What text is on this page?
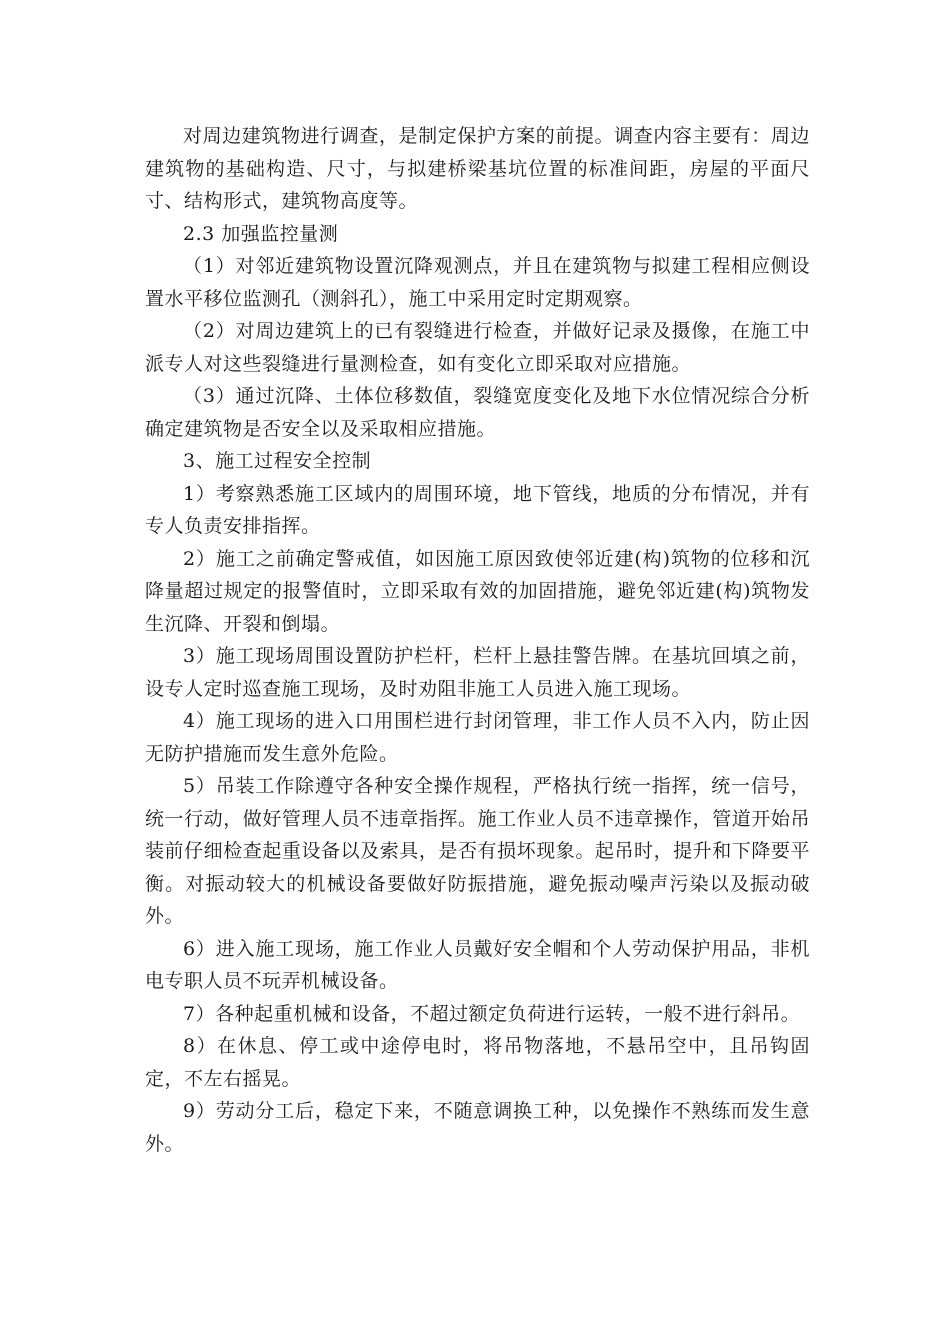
对周边建筑物进行调查，是制定保护方案的前提。调查内容主要有：周边建筑物的基础构造、尺寸，与拟建桥梁基坑位置的标准间距，房屋的平面尺寸、结构形式，建筑物高度等。

2.3 加强监控量测

（1）对邻近建筑物设置沉降观测点，并且在建筑物与拟建工程相应侧设置水平移位监测孔（测斜孔），施工中采用定时定期观察。

（2）对周边建筑上的已有裂缝进行检查，并做好记录及摄像，在施工中派专人对这些裂缝进行量测检查，如有变化立即采取对应措施。

（3）通过沉降、土体位移数值，裂缝宽度变化及地下水位情况综合分析确定建筑物是否安全以及采取相应措施。

3、施工过程安全控制

1）考察熟悉施工区域内的周围环境，地下管线，地质的分布情况，并有专人负责安排指挥。

2）施工之前确定警戒值，如因施工原因致使邻近建(构)筑物的位移和沉降量超过规定的报警值时，立即采取有效的加固措施，避免邻近建(构)筑物发生沉降、开裂和倒塌。

3）施工现场周围设置防护栏杆，栏杆上悬挂警告牌。在基坑回填之前，设专人定时巡查施工现场，及时劝阻非施工人员进入施工现场。

4）施工现场的进入口用围栏进行封闭管理，非工作人员不入内，防止因无防护措施而发生意外危险。

5）吊装工作除遵守各种安全操作规程，严格执行统一指挥，统一信号，统一行动，做好管理人员不违章指挥。施工作业人员不违章操作，管道开始吊装前仔细检查起重设备以及索具，是否有损坏现象。起吊时，提升和下降要平衡。对振动较大的机械设备要做好防振措施，避免振动噪声污染以及振动破外。

6）进入施工现场，施工作业人员戴好安全帽和个人劳动保护用品，非机电专职人员不玩弄机械设备。

7）各种起重机械和设备，不超过额定负荷进行运转，一般不进行斜吊。

8）在休息、停工或中途停电时，将吊物落地，不悬吊空中，且吊钩固定，不左右摇晃。

9）劳动分工后，稳定下来，不随意调换工种，以免操作不熟练而发生意外。
